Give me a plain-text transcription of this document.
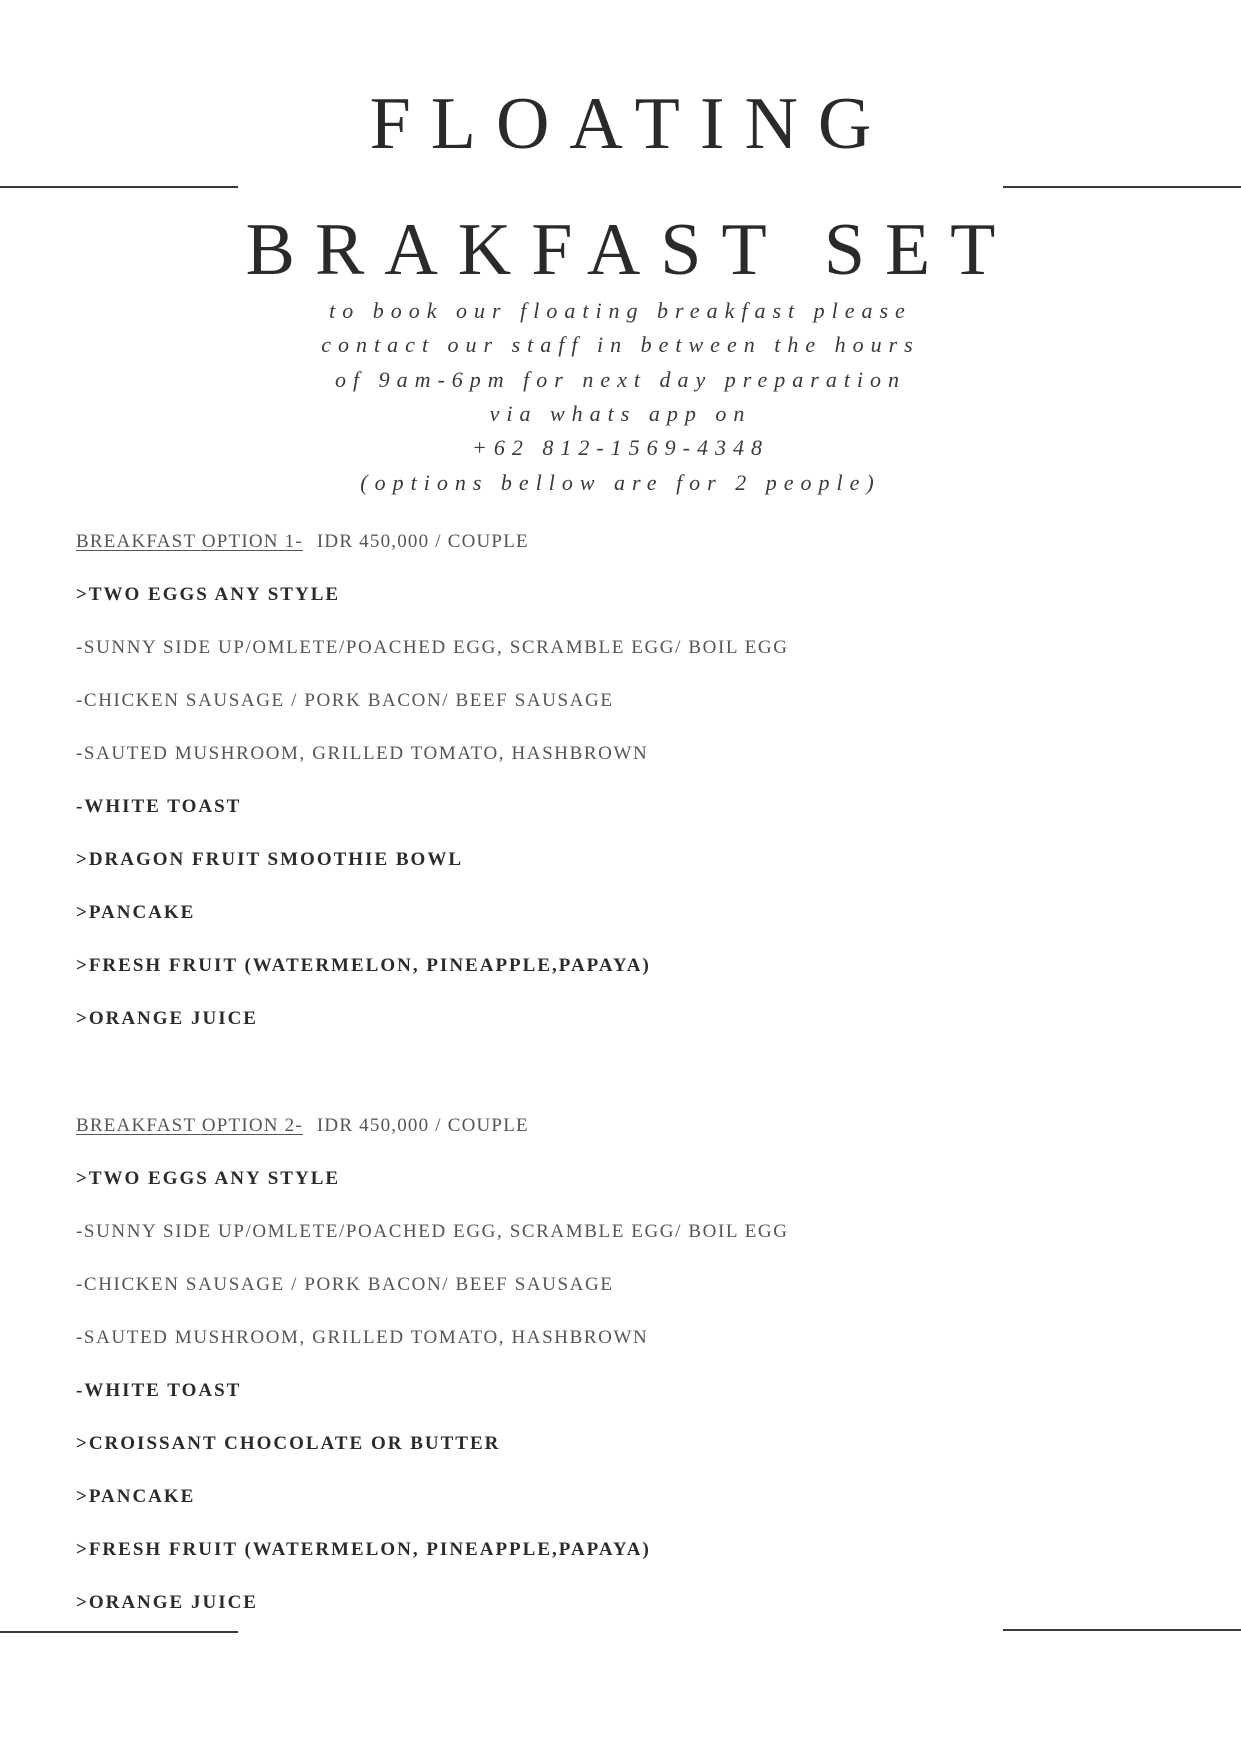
FLOATING
BRAKFAST SET
to book our floating breakfast please
contact our staff in between the hours
of 9am-6pm for next day preparation
via whats app on
+62 812-1569-4348
(options bellow are for 2 people)
BREAKFAST OPTION 1- IDR 450,000 / COUPLE
>TWO EGGS ANY STYLE
-SUNNY SIDE UP/OMLETE/POACHED EGG, SCRAMBLE EGG/ BOIL EGG
-CHICKEN SAUSAGE / PORK BACON/ BEEF SAUSAGE
-SAUTED MUSHROOM, GRILLED TOMATO, HASHBROWN
-WHITE TOAST
>DRAGON FRUIT SMOOTHIE BOWL
>PANCAKE
>FRESH FRUIT (WATERMELON, PINEAPPLE,PAPAYA)
>ORANGE JUICE
BREAKFAST OPTION 2- IDR 450,000 / COUPLE
>TWO EGGS ANY STYLE
-SUNNY SIDE UP/OMLETE/POACHED EGG, SCRAMBLE EGG/ BOIL EGG
-CHICKEN SAUSAGE / PORK BACON/ BEEF SAUSAGE
-SAUTED MUSHROOM, GRILLED TOMATO, HASHBROWN
-WHITE TOAST
>CROISSANT CHOCOLATE OR BUTTER
>PANCAKE
>FRESH FRUIT (WATERMELON, PINEAPPLE,PAPAYA)
>ORANGE JUICE
